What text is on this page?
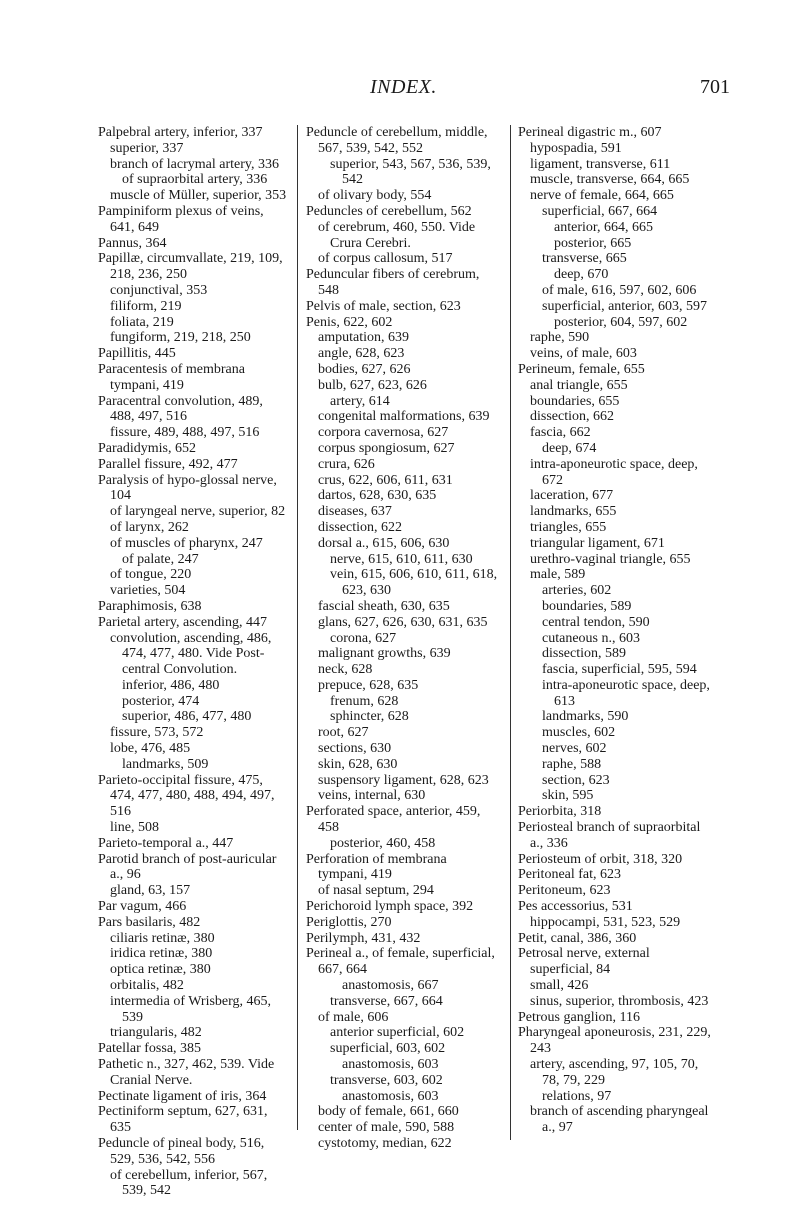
INDEX.	701

Palpebral artery, inferior, 337

superior, 337

branch of lacrymal artery, 336

of supraorbital artery, 336

muscle of Müller, superior, 353

Pampiniform plexus of veins, 641, 649

Pannus, 364

Papillæ, circumvallate, 219, 109, 218, 236, 250

conjunctival, 353

filiform, 219

foliata, 219

fungiform, 219, 218, 250

Papillitis, 445

Paracentesis of membrana tympani, 419

Paracentral convolution, 489, 488, 497, 516

fissure, 489, 488, 497, 516

Paradidymis, 652

Parallel fissure, 492, 477

Paralysis of hypo-glossal nerve, 104

of laryngeal nerve, superior, 82

of larynx, 262

of muscles of pharynx, 247

of palate, 247

of tongue, 220

varieties, 504

Paraphimosis, 638

Parietal artery, ascending, 447

convolution, ascending, 486, 474, 477, 480. Vide Post-central Convolution.

inferior, 486, 480

posterior, 474

superior, 486, 477, 480

fissure, 573, 572

lobe, 476, 485

landmarks, 509

Parieto-occipital fissure, 475, 474, 477, 480, 488, 494, 497, 516

line, 508

Parieto-temporal a., 447

Parotid branch of post-auricular a., 96

gland, 63, 157

Par vagum, 466

Pars basilaris, 482

ciliaris retinæ, 380

iridica retinæ, 380

optica retinæ, 380

orbitalis, 482

intermedia of Wrisberg, 465, 539

triangularis, 482

Patellar fossa, 385

Pathetic n., 327, 462, 539. Vide Cranial Nerve.

Pectinate ligament of iris, 364

Pectiniform septum, 627, 631, 635

Peduncle of pineal body, 516, 529, 536, 542, 556

of cerebellum, inferior, 567, 539, 542

Peduncle of cerebellum, middle, 567, 539, 542, 552

superior, 543, 567, 536, 539, 542

of olivary body, 554

Peduncles of cerebellum, 562

of cerebrum, 460, 550. Vide Crura Cerebri.

of corpus callosum, 517

Peduncular fibers of cerebrum, 548

Pelvis of male, section, 623

Penis, 622, 602

amputation, 639

angle, 628, 623

bodies, 627, 626

bulb, 627, 623, 626

artery, 614

congenital malformations, 639

corpora cavernosa, 627

corpus spongiosum, 627

crura, 626

crus, 622, 606, 611, 631

dartos, 628, 630, 635

diseases, 637

dissection, 622

dorsal a., 615, 606, 630

nerve, 615, 610, 611, 630

vein, 615, 606, 610, 611, 618, 623, 630

fascial sheath, 630, 635

glans, 627, 626, 630, 631, 635

corona, 627

malignant growths, 639

neck, 628

prepuce, 628, 635

frenum, 628

sphincter, 628

root, 627

sections, 630

skin, 628, 630

suspensory ligament, 628, 623

veins, internal, 630

Perforated space, anterior, 459, 458

posterior, 460, 458

Perforation of membrana tympani, 419

of nasal septum, 294

Perichoroid lymph space, 392

Periglottis, 270

Perilymph, 431, 432

Perineal a., of female, superficial, 667, 664

anastomosis, 667

transverse, 667, 664

of male, 606

anterior superficial, 602

superficial, 603, 602

anastomosis, 603

transverse, 603, 602

anastomosis, 603

body of female, 661, 660

center of male, 590, 588

cystotomy, median, 622

Perineal digastric m., 607

hypospadia, 591

ligament, transverse, 611

muscle, transverse, 664, 665

nerve of female, 664, 665

superficial, 667, 664

anterior, 664, 665

posterior, 665

transverse, 665

deep, 670

of male, 616, 597, 602, 606

superficial, anterior, 603, 597

posterior, 604, 597, 602

raphe, 590

veins, of male, 603

Perineum, female, 655

anal triangle, 655

boundaries, 655

dissection, 662

fascia, 662

deep, 674

intra-aponeurotic space, deep, 672

laceration, 677

landmarks, 655

triangles, 655

triangular ligament, 671

urethro-vaginal triangle, 655

male, 589

arteries, 602

boundaries, 589

central tendon, 590

cutaneous n., 603

dissection, 589

fascia, superficial, 595, 594

intra-aponeurotic space, deep, 613

landmarks, 590

muscles, 602

nerves, 602

raphe, 588

section, 623

skin, 595

Periorbita, 318

Periosteal branch of supraorbital a., 336

Periosteum of orbit, 318, 320

Peritoneal fat, 623

Peritoneum, 623

Pes accessorius, 531

hippocampi, 531, 523, 529

Petit, canal, 386, 360

Petrosal nerve, external superficial, 84

small, 426

sinus, superior, thrombosis, 423

Petrous ganglion, 116

Pharyngeal aponeurosis, 231, 229, 243

artery, ascending, 97, 105, 70, 78, 79, 229

relations, 97

branch of ascending pharyngeal a., 97
